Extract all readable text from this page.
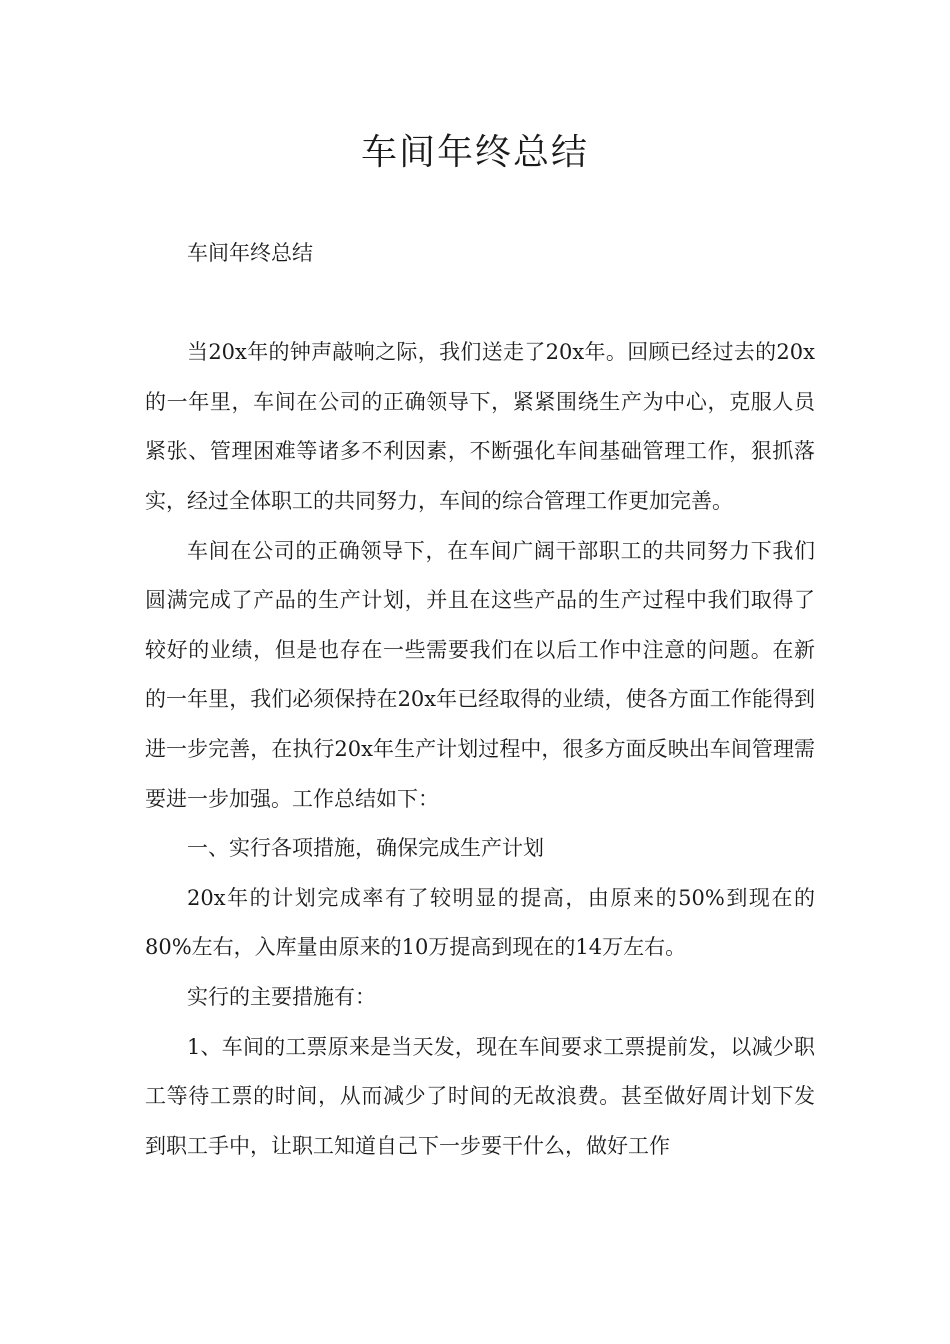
车间年终总结

车间年终总结

当20x年的钟声敲响之际，我们送走了20x年。回顾已经过去的20x的一年里，车间在公司的正确领导下，紧紧围绕生产为中心，克服人员紧张、管理困难等诸多不利因素，不断强化车间基础管理工作，狠抓落实，经过全体职工的共同努力，车间的综合管理工作更加完善。

车间在公司的正确领导下，在车间广阔干部职工的共同努力下我们圆满完成了产品的生产计划，并且在这些产品的生产过程中我们取得了较好的业绩，但是也存在一些需要我们在以后工作中注意的问题。在新的一年里，我们必须保持在20x年已经取得的业绩，使各方面工作能得到进一步完善，在执行20x年生产计划过程中，很多方面反映出车间管理需要进一步加强。工作总结如下：

一、实行各项措施，确保完成生产计划

20x年的计划完成率有了较明显的提高，由原来的50%到现在的80%左右，入库量由原来的10万提高到现在的14万左右。

实行的主要措施有：

1、车间的工票原来是当天发，现在车间要求工票提前发，以减少职工等待工票的时间，从而减少了时间的无故浪费。甚至做好周计划下发到职工手中，让职工知道自己下一步要干什么，做好工作
